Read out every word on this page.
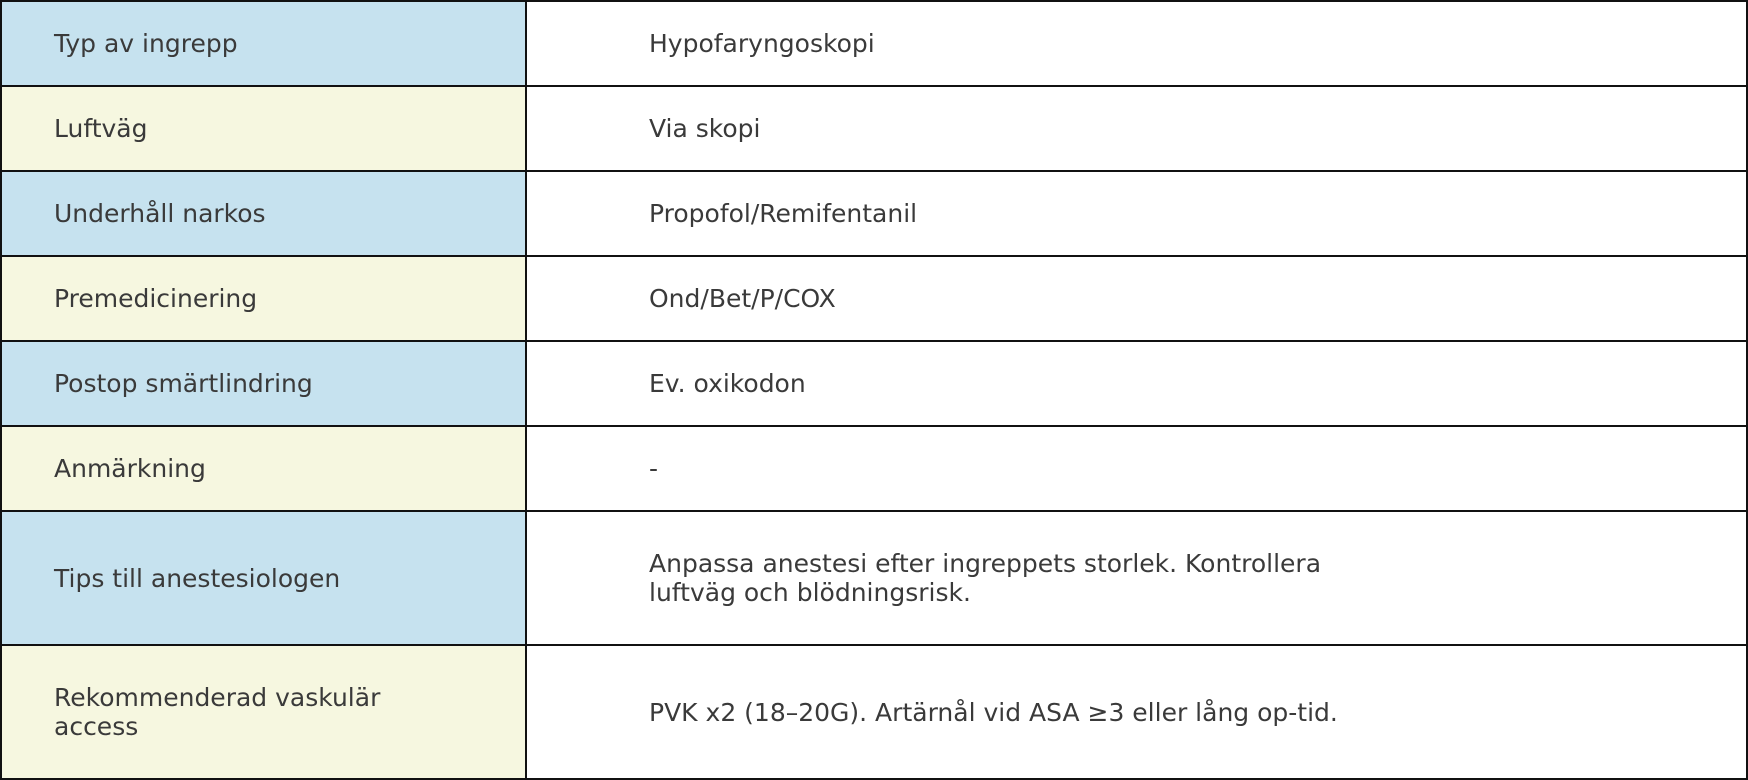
Typ av ingrepp	Hypofaryngoskopi

Luftväg	Via skopi

Underhåll narkos	Propofol/Remifentanil

Premedicinering	Ond/Bet/P/COX

Postop smärtlindring	Ev. oxikodon

Anmärkning	-

Tips till anestesiologen	Anpassa anestesi efter ingreppets storlek. Kontrollera luftväg och blödningsrisk.

Rekommenderad vaskulär access	PVK x2 (18–20G). Artärnål vid ASA ≥3 eller lång op-tid.
